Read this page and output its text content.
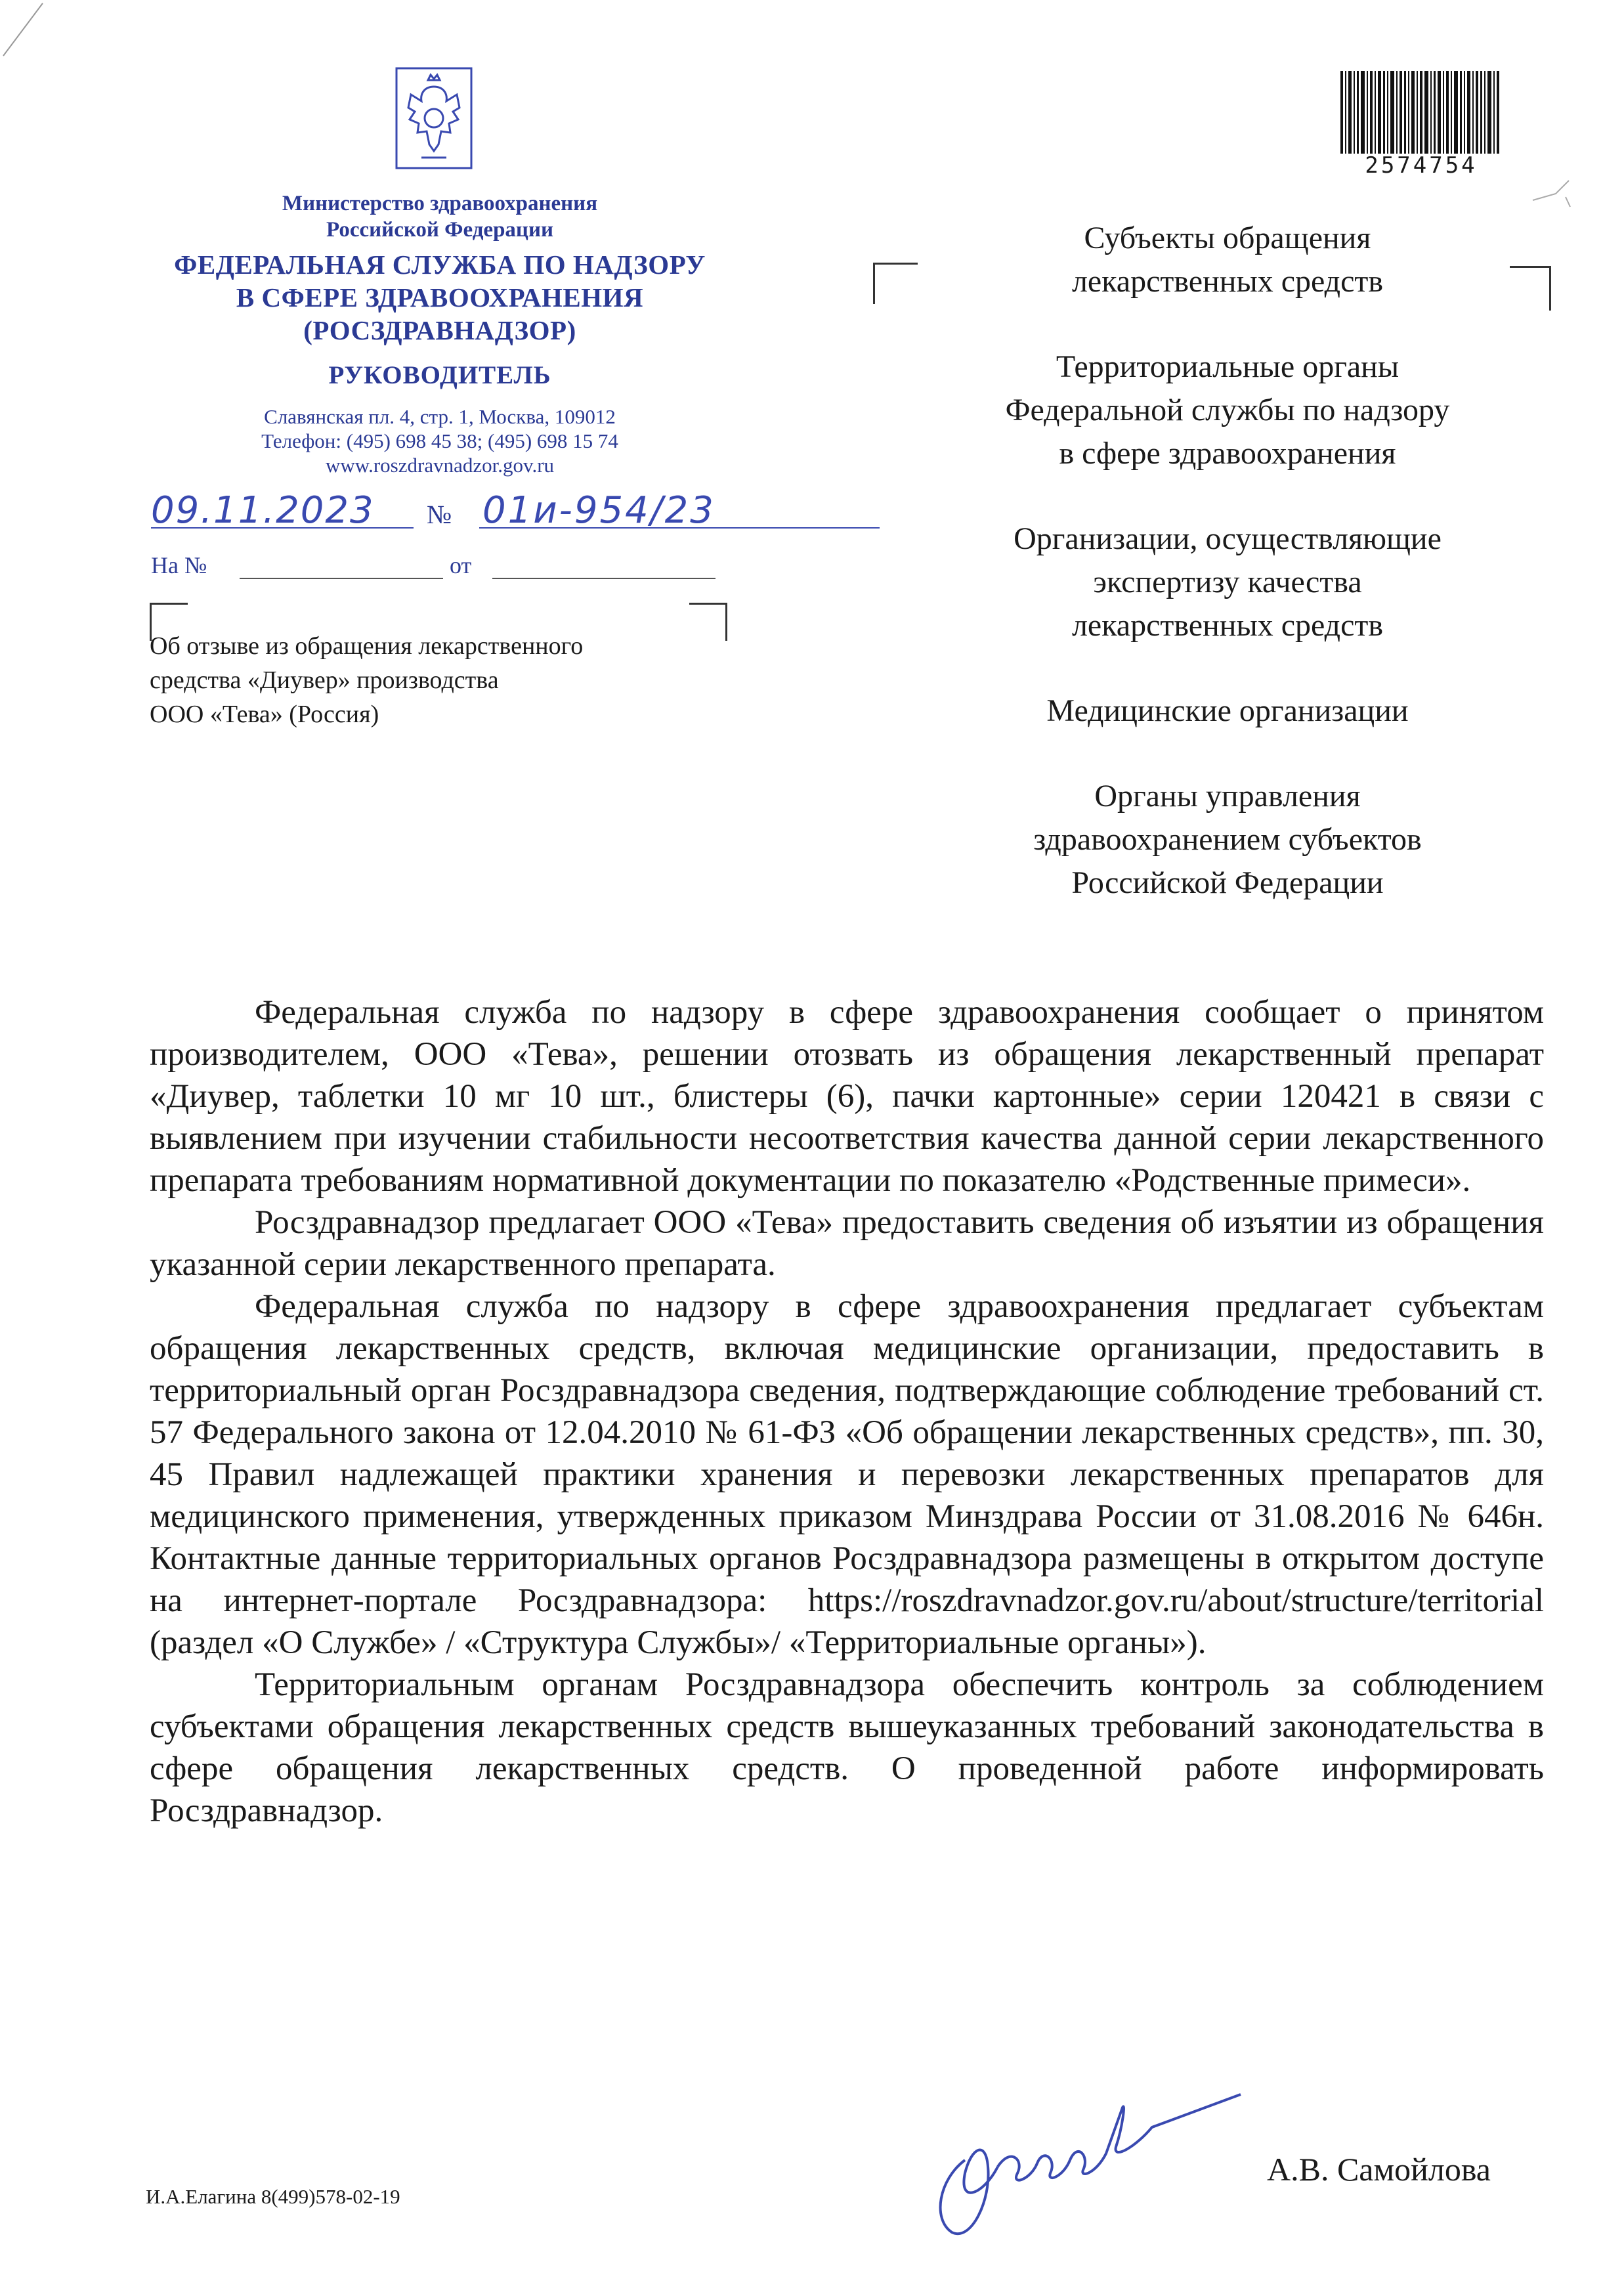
Министерство здравоохранения
Российской Федерации
ФЕДЕРАЛЬНАЯ СЛУЖБА ПО НАДЗОРУ
В СФЕРЕ ЗДРАВООХРАНЕНИЯ
(РОСЗДРАВНАДЗОР)
РУКОВОДИТЕЛЬ
Славянская пл. 4, стр. 1, Москва, 109012
Телефон: (495) 698 45 38; (495) 698 15 74
www.roszdravnadzor.gov.ru
09.11.2023 № 01и-954/23
На №	от
Об отзыве из обращения лекарственного
средства «Диувер» производства
ООО «Тева» (Россия)
2574754
Субъекты обращения
лекарственных средств
Территориальные органы
Федеральной службы по надзору
в сфере здравоохранения
Организации, осуществляющие
экспертизу качества
лекарственных средств
Медицинские организации
Органы управления
здравоохранением субъектов
Российской Федерации

Федеральная служба по надзору в сфере здравоохранения сообщает о принятом производителем, ООО «Тева», решении отозвать из обращения лекарственный препарат «Диувер, таблетки 10 мг 10 шт., блистеры (6), пачки картонные» серии 120421 в связи с выявлением при изучении стабильности несоответствия качества данной серии лекарственного препарата требованиям нормативной документации по показателю «Родственные примеси».

Росздравнадзор предлагает ООО «Тева» предоставить сведения об изъятии из обращения указанной серии лекарственного препарата.

Федеральная служба по надзору в сфере здравоохранения предлагает субъектам обращения лекарственных средств, включая медицинские организации, предоставить в территориальный орган Росздравнадзора сведения, подтверждающие соблюдение требований ст. 57 Федерального закона от 12.04.2010 № 61-ФЗ «Об обращении лекарственных средств», пп. 30, 45 Правил надлежащей практики хранения и перевозки лекарственных препаратов для медицинского применения, утвержденных приказом Минздрава России от 31.08.2016 № 646н. Контактные данные территориальных органов Росздравнадзора размещены в открытом доступе на интернет-портале Росздравнадзора: https://roszdravnadzor.gov.ru/about/structure/territorial (раздел «О Службе» / «Структура Службы»/ «Территориальные органы»).

Территориальным органам Росздравнадзора обеспечить контроль за соблюдением субъектами обращения лекарственных средств вышеуказанных требований законодательства в сфере обращения лекарственных средств. О проведенной работе информировать Росздравнадзор.

А.В. Самойлова
И.А.Елагина 8(499)578-02-19
